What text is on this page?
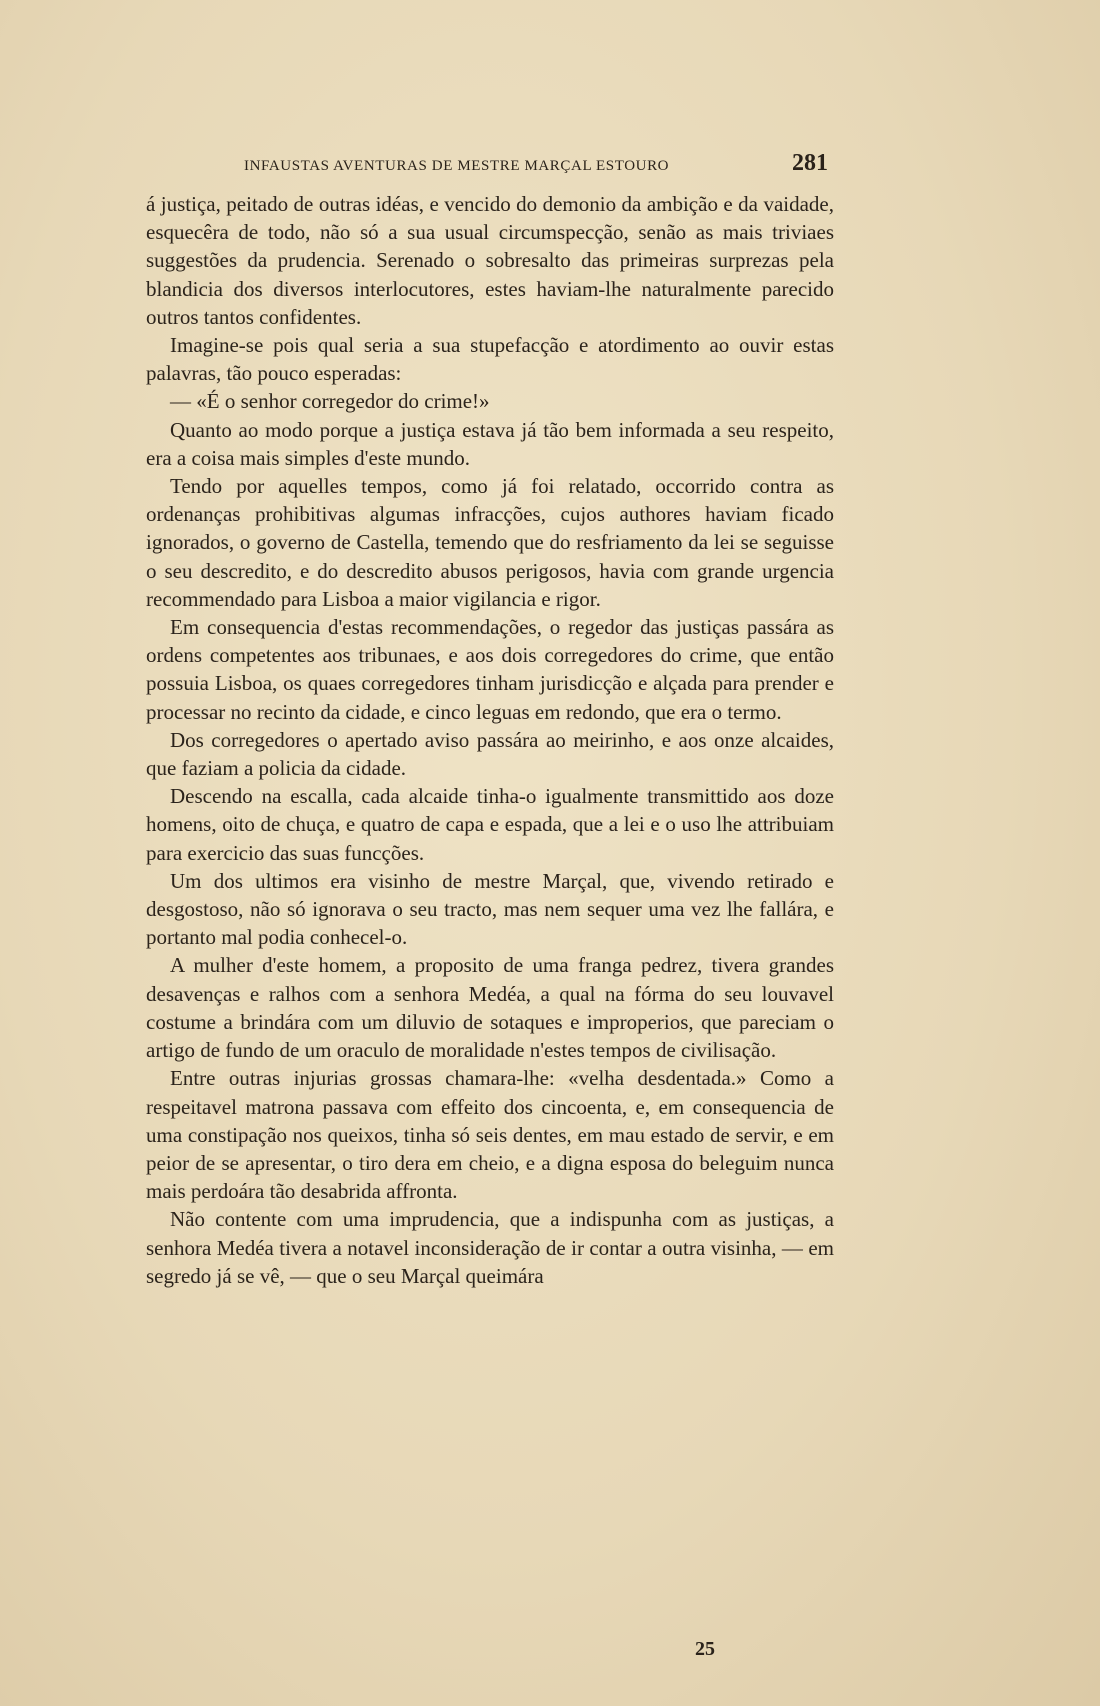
INFAUSTAS AVENTURAS DE MESTRE MARÇAL ESTOURO	281

á justiça, peitado de outras idéas, e vencido do demonio da ambição e da vaidade, esquecêra de todo, não só a sua usual circumspecção, senão as mais triviaes suggestões da prudencia. Serenado o sobresalto das primeiras surprezas pela blandicia dos diversos interlocutores, estes haviam-lhe naturalmente parecido outros tantos confidentes.

Imagine-se pois qual seria a sua stupefacção e atordimento ao ouvir estas palavras, tão pouco esperadas:

— «É o senhor corregedor do crime!»

Quanto ao modo porque a justiça estava já tão bem informada a seu respeito, era a coisa mais simples d'este mundo.

Tendo por aquelles tempos, como já foi relatado, occorrido contra as ordenanças prohibitivas algumas infracções, cujos authores haviam ficado ignorados, o governo de Castella, temendo que do resfriamento da lei se seguisse o seu descredito, e do descredito abusos perigosos, havia com grande urgencia recommendado para Lisboa a maior vigilancia e rigor.

Em consequencia d'estas recommendações, o regedor das justiças passára as ordens competentes aos tribunaes, e aos dois corregedores do crime, que então possuia Lisboa, os quaes corregedores tinham jurisdicção e alçada para prender e processar no recinto da cidade, e cinco leguas em redondo, que era o termo.

Dos corregedores o apertado aviso passára ao meirinho, e aos onze alcaides, que faziam a policia da cidade.

Descendo na escalla, cada alcaide tinha-o igualmente transmittido aos doze homens, oito de chuça, e quatro de capa e espada, que a lei e o uso lhe attribuiam para exercicio das suas funcções.

Um dos ultimos era visinho de mestre Marçal, que, vivendo retirado e desgostoso, não só ignorava o seu tracto, mas nem sequer uma vez lhe fallára, e portanto mal podia conhecel-o.

A mulher d'este homem, a proposito de uma franga pedrez, tivera grandes desavenças e ralhos com a senhora Medéa, a qual na fórma do seu louvavel costume a brindára com um diluvio de sotaques e improperios, que pareciam o artigo de fundo de um oraculo de moralidade n'estes tempos de civilisação.

Entre outras injurias grossas chamara-lhe: «velha desdentada.» Como a respeitavel matrona passava com effeito dos cincoenta, e, em consequencia de uma constipação nos queixos, tinha só seis dentes, em mau estado de servir, e em peior de se apresentar, o tiro dera em cheio, e a digna esposa do beleguim nunca mais perdoára tão desabrida affronta.

Não contente com uma imprudencia, que a indispunha com as justiças, a senhora Medéa tivera a notavel inconsideração de ir contar a outra visinha, — em segredo já se vê, — que o seu Marçal queimára

25
